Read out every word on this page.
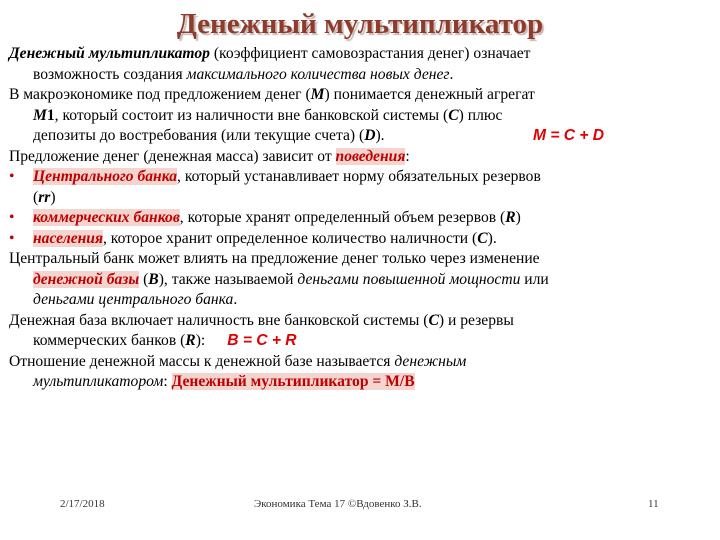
Денежный мультипликатор
Денежный мультипликатор (коэффициент самовозрастания денег) означает
возможность создания максимального количества новых денег.
В макроэкономике под предложением денег (М) понимается денежный агрегат
М1, который состоит из наличности вне банковской системы (С) плюс
депозиты до востребования (или текущие счета) (D).	M = C + D
Предложение денег (денежная масса) зависит от поведения:
•	Центрального банка, который устанавливает норму обязательных резервов
(rr)
•	коммерческих банков, которые хранят определенный объем резервов (R)
•	населения, которое хранит определенное количество наличности (C).
Центральный банк может влиять на предложение денег только через изменение
денежной базы (В), также называемой деньгами повышенной мощности или
деньгами центрального банка.
Денежная база включает наличность вне банковской системы (С) и резервы
коммерческих банков (R): B = C + R
Отношение денежной массы к денежной базе называется денежным
мультипликатором: Денежный мультипликатор = М/В
2/17/2018	Экономика Тема 17 ©Вдовенко З.В.	11
